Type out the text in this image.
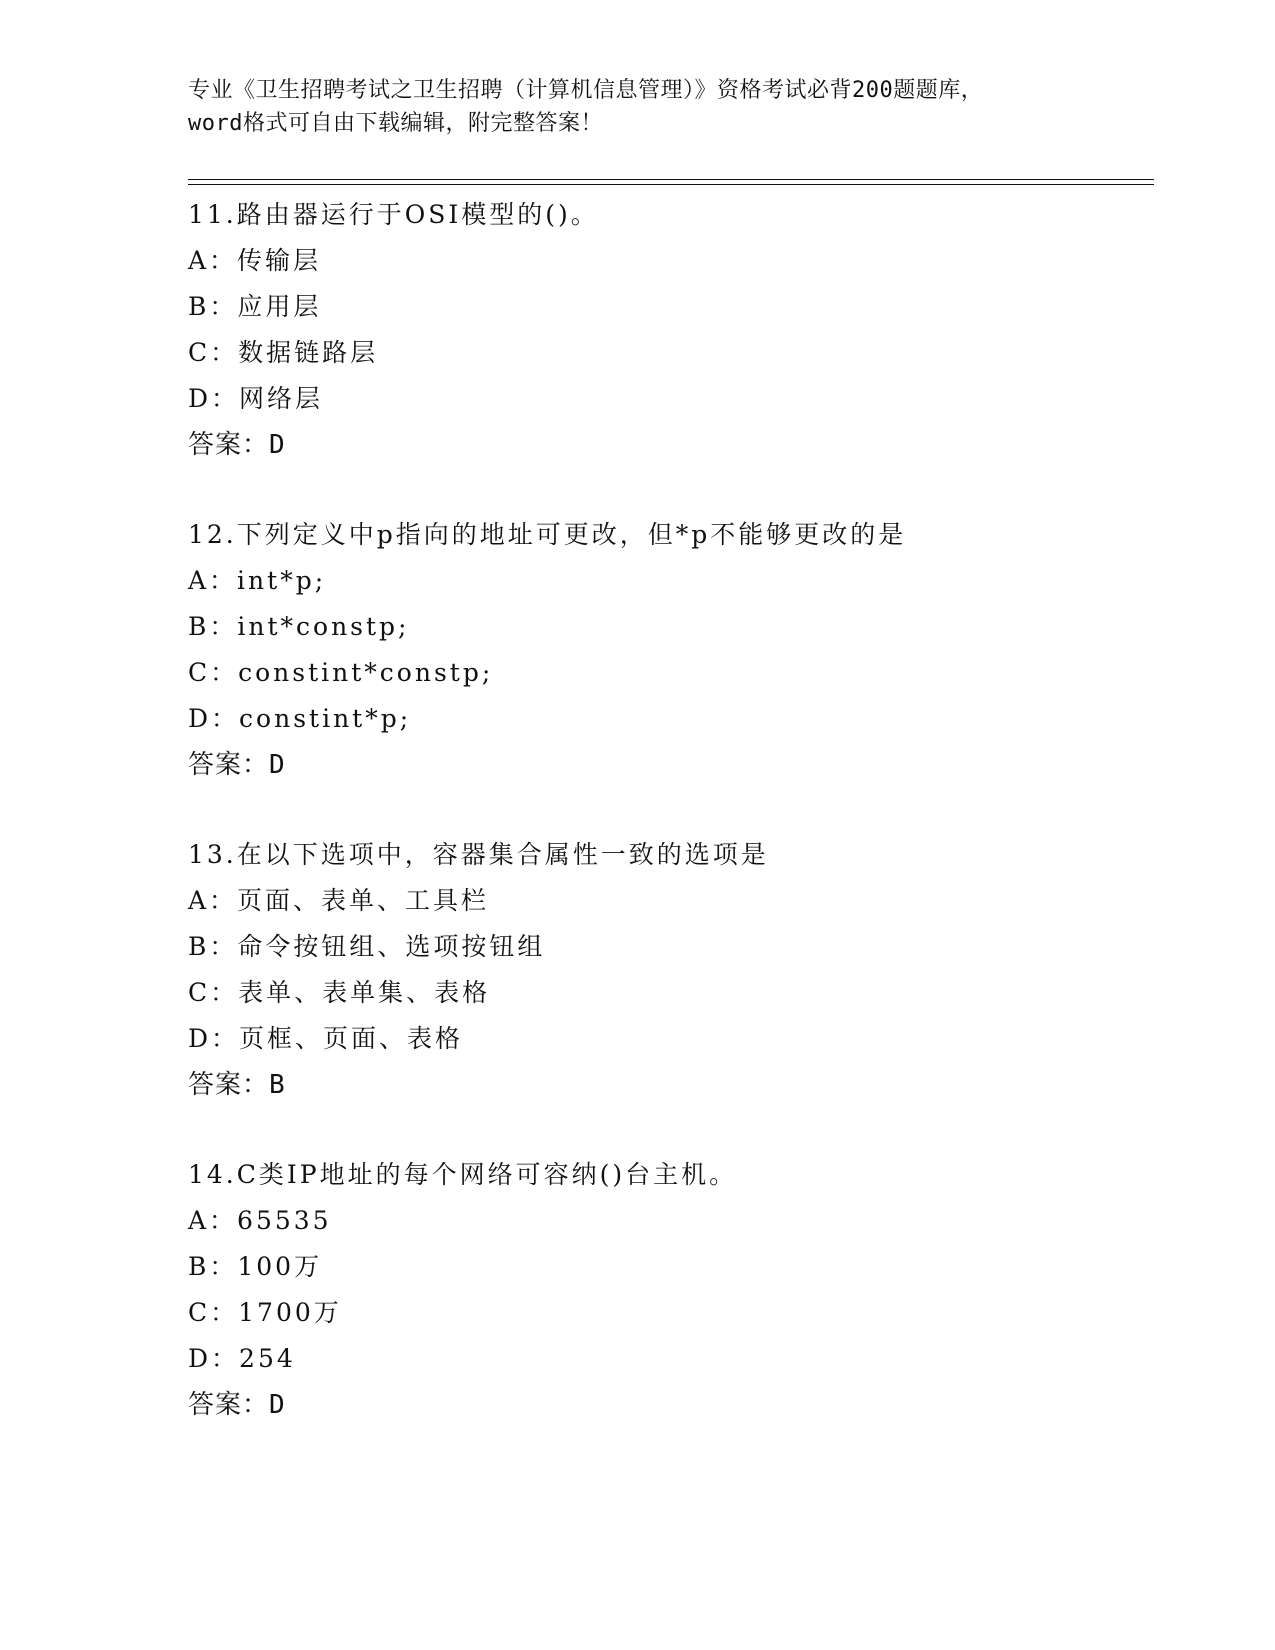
专业《卫生招聘考试之卫生招聘（计算机信息管理）》资格考试必背200题题库，
word格式可自由下载编辑，附完整答案！
11.路由器运行于OSI模型的()。
A：传输层
B：应用层
C：数据链路层
D：网络层
答案：D
12.下列定义中p指向的地址可更改，但*p不能够更改的是
A：int*p;
B：int*constp;
C：constint*constp;
D：constint*p;
答案：D
13.在以下选项中，容器集合属性一致的选项是
A：页面、表单、工具栏
B：命令按钮组、选项按钮组
C：表单、表单集、表格
D：页框、页面、表格
答案：B
14.C类IP地址的每个网络可容纳()台主机。
A：65535
B：100万
C：1700万
D：254
答案：D
